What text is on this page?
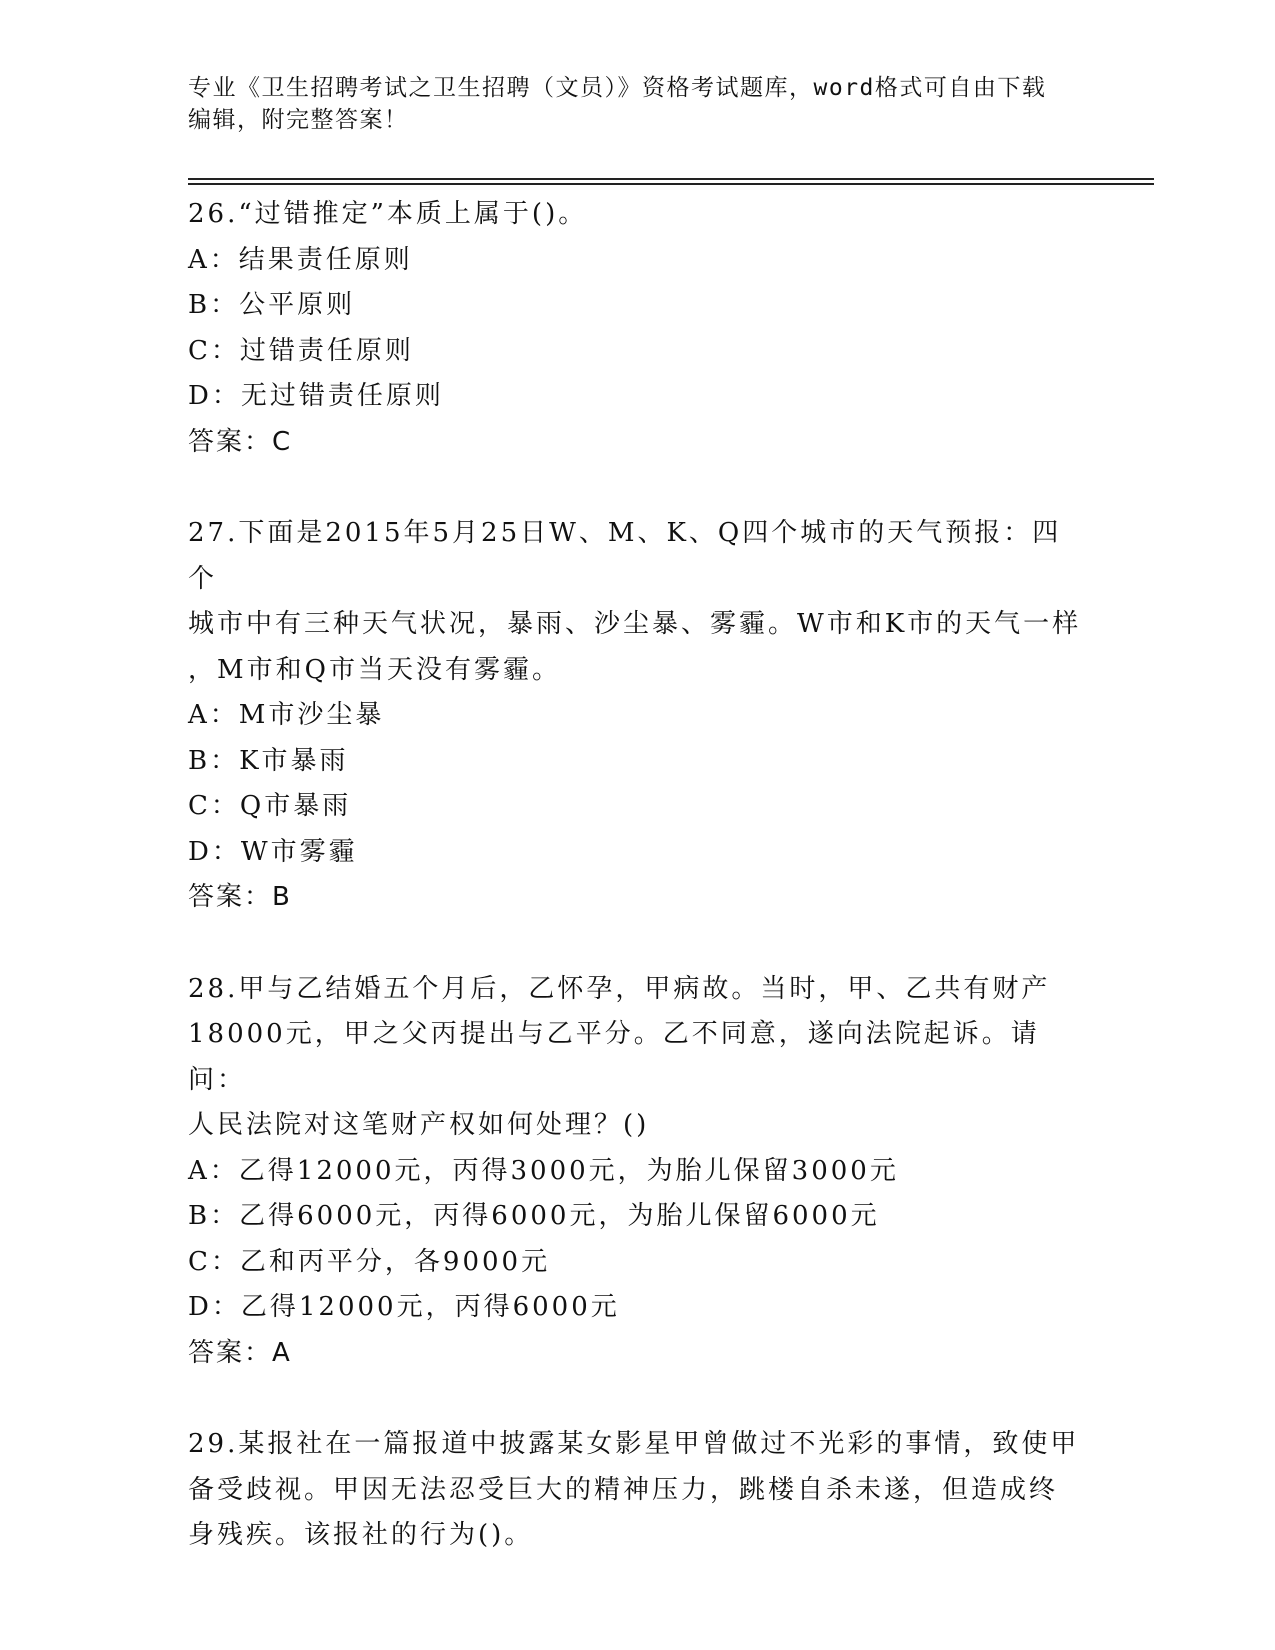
专业《卫生招聘考试之卫生招聘（文员）》资格考试题库，word格式可自由下载
编辑，附完整答案！
26.“过错推定”本质上属于()。
A：结果责任原则
B：公平原则
C：过错责任原则
D：无过错责任原则
答案：C
27.下面是2015年5月25日W、M、K、Q四个城市的天气预报：四个
城市中有三种天气状况，暴雨、沙尘暴、雾霾。W市和K市的天气一样
，M市和Q市当天没有雾霾。
A：M市沙尘暴
B：K市暴雨
C：Q市暴雨
D：W市雾霾
答案：B
28.甲与乙结婚五个月后，乙怀孕，甲病故。当时，甲、乙共有财产
18000元，甲之父丙提出与乙平分。乙不同意，遂向法院起诉。请问：
人民法院对这笔财产权如何处理？()
A：乙得12000元，丙得3000元，为胎儿保留3000元
B：乙得6000元，丙得6000元，为胎儿保留6000元
C：乙和丙平分，各9000元
D：乙得12000元，丙得6000元
答案：A
29.某报社在一篇报道中披露某女影星甲曾做过不光彩的事情，致使甲
备受歧视。甲因无法忍受巨大的精神压力，跳楼自杀未遂，但造成终
身残疾。该报社的行为()。
